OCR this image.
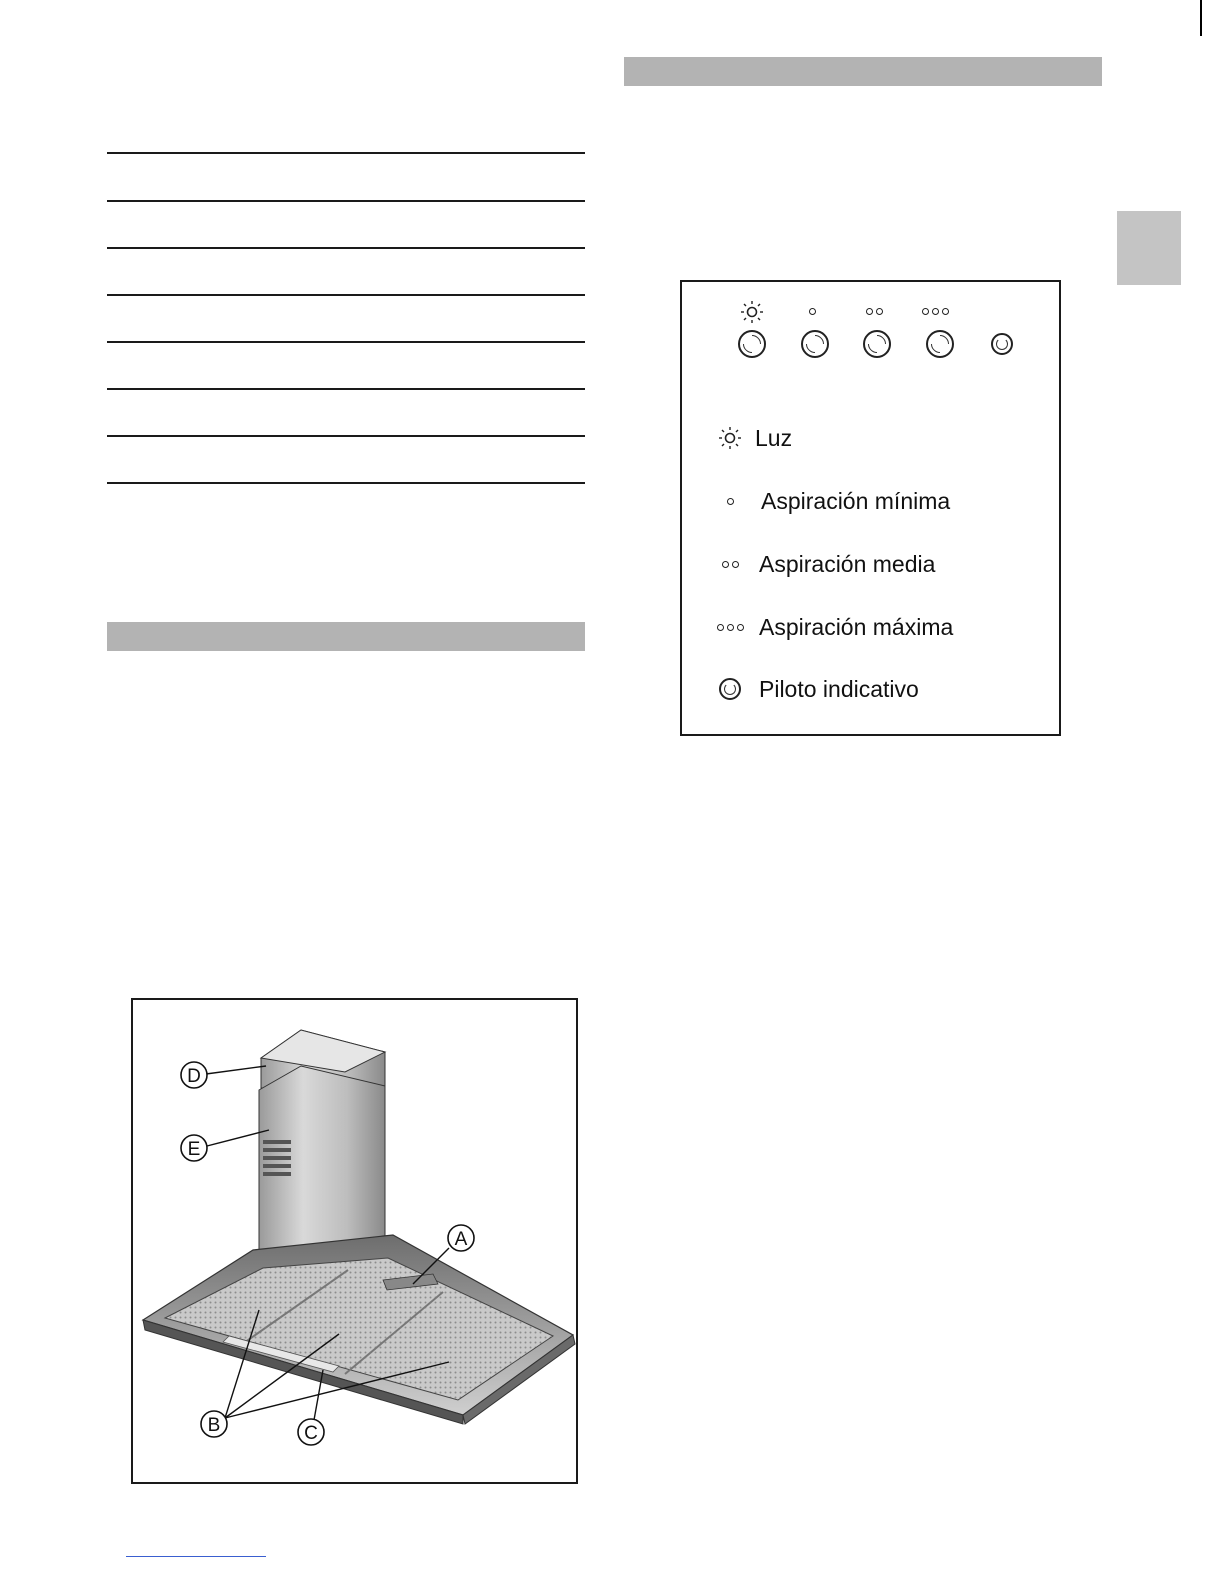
Luz
Aspiración mínima
Aspiración media
Aspiración máxima
Piloto indicativo
D
E
A
B	C
